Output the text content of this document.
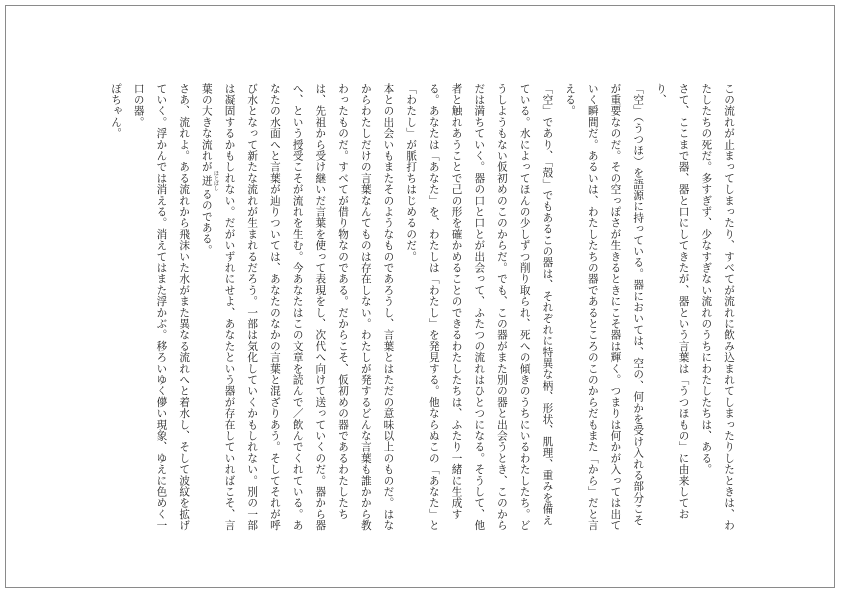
この流れが止まってしまったり、すべてが流れに飲み込まれてしまったりしたときは、わたしたちの死だ。多すぎず、少なすぎない流れのうちにわたしたちは、ある。

さて、ここまで器、器と口にしてきたが、器という言葉は「うつほもの」に由来しており、

「空」（うつほ）を語源に持っている。器においては、空の、何かを受け入れる部分こそが重要なのだ。その空っぽさが生きるときにこそ器は輝く。つまりは何かが入っては出ていく瞬間だ。あるいは、わたしたちの器であるところのこのからだもまた「から」だと言える。

「空」であり、「殻」でもあるこの器は、それぞれに特異な柄、形状、肌理、重みを備えている。水によってほんの少しずつ削り取られ、死への傾きのうちにいるわたしたち。どうしようもない仮初めのこのからだ。でも、この器がまた別の器と出会うとき、このからだは満ちていく。器の口と口とが出会って、ふたつの流れはひとつになる。そうして、他者と触れあうことで己の形を確かめることのできるわたしたちは、ふたり一緒に生成する。あなたは「あなた」を、わたしは「わたし」を発見する。他ならぬこの「あなた」と「わたし」が脈打ちはじめるのだ。

本との出会いもまたそのようなものであろうし、言葉とはただの意味以上のものだ。はなからわたしだけの言葉なんてものは存在しない。わたしが発するどんな言葉も誰かから教わったものだ。すべてが借り物なのである。だからこそ、仮初めの器であるわたしたちは、先祖から受け継いだ言葉を使って表現をし、次代へ向けて送っていくのだ。器から器へ、という授受こそが流れを生む。今あなたはこの文章を読んで／飲んでくれている。あなたの水面へと言葉が辿りついては、あなたのなかの言葉と混ざりあう。そしてそれが呼び水となって新たな流れが生まれるだろう。一部は気化していくかもしれない。別の一部は凝固するかもしれない。だがいずれにせよ、あなたという器が存在していればこそ、言葉の大きな流れが迸 ほとばしるのである。

さあ、流れよ。ある流れから飛沫いた水がまた異なる流れへと着水し、そして波紋を拡げていく。浮かんでは消える。消えてはまた浮かぶ。移ろいゆく儚い現象、ゆえに色めく一口の器。

ぽちゃん。
